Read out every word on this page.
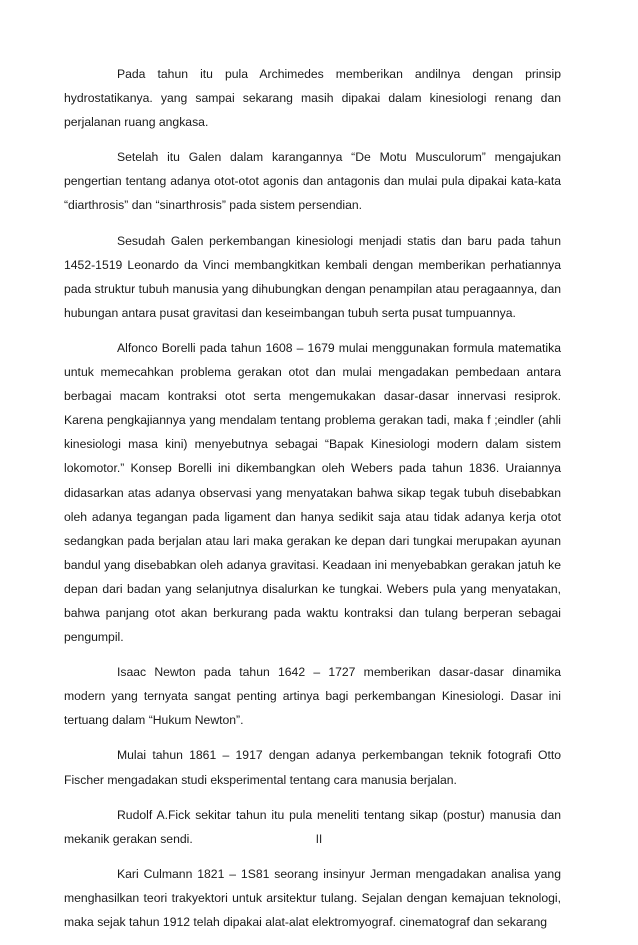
Pada tahun itu pula Archimedes memberikan andilnya dengan prinsip hydrostatikanya. yang sampai sekarang masih dipakai dalam kinesiologi renang dan perjalanan ruang angkasa.

Setelah itu Galen dalam karangannya “De Motu Musculorum” mengajukan pengertian tentang adanya otot-otot agonis dan antagonis dan mulai pula dipakai kata-kata “diarthrosis” dan “sinarthrosis” pada sistem persendian.

Sesudah Galen perkembangan kinesiologi menjadi statis dan baru pada tahun 1452-1519 Leonardo da Vinci membangkitkan kembali dengan memberikan perhatiannya pada struktur tubuh manusia yang dihubungkan dengan penampilan atau peragaannya, dan hubungan antara pusat gravitasi dan keseimbangan tubuh serta pusat tumpuannya.

Alfonco Borelli pada tahun 1608 – 1679 mulai menggunakan formula matematika untuk memecahkan problema gerakan otot dan mulai mengadakan pembedaan antara berbagai macam kontraksi otot serta mengemukakan dasar-dasar innervasi resiprok. Karena pengkajiannya yang mendalam tentang problema gerakan tadi, maka f ;eindler (ahli kinesiologi masa kini) menyebutnya sebagai “Bapak Kinesiologi modern dalam sistem lokomotor.” Konsep Borelli ini dikembangkan oleh Webers pada tahun 1836. Uraiannya didasarkan atas adanya observasi yang menyatakan bahwa sikap tegak tubuh disebabkan oleh adanya tegangan pada ligament dan hanya sedikit saja atau tidak adanya kerja otot sedangkan pada berjalan atau lari maka gerakan ke depan dari tungkai merupakan ayunan bandul yang disebabkan oleh adanya gravitasi. Keadaan ini menyebabkan gerakan jatuh ke depan dari badan yang selanjutnya disalurkan ke tungkai. Webers pula yang menyatakan, bahwa panjang otot akan berkurang pada waktu kontraksi dan tulang berperan sebagai pengumpil.

Isaac Newton pada tahun 1642 – 1727 memberikan dasar-dasar dinamika modern yang ternyata sangat penting artinya bagi perkembangan Kinesiologi. Dasar ini tertuang dalam “Hukum Newton”.

Mulai tahun 1861 – 1917 dengan adanya perkembangan teknik fotografi Otto Fischer mengadakan studi eksperimental tentang cara manusia berjalan.

Rudolf A.Fick sekitar tahun itu pula meneliti tentang sikap (postur) manusia dan mekanik gerakan sendi.

Kari Culmann 1821 – 1S81 seorang insinyur Jerman mengadakan analisa yang menghasilkan teori trakyektori untuk arsitektur tulang. Sejalan dengan kemajuan teknologi, maka sejak tahun 1912 telah dipakai alat-alat elektromyograf. cinematograf dan sekarang

II
